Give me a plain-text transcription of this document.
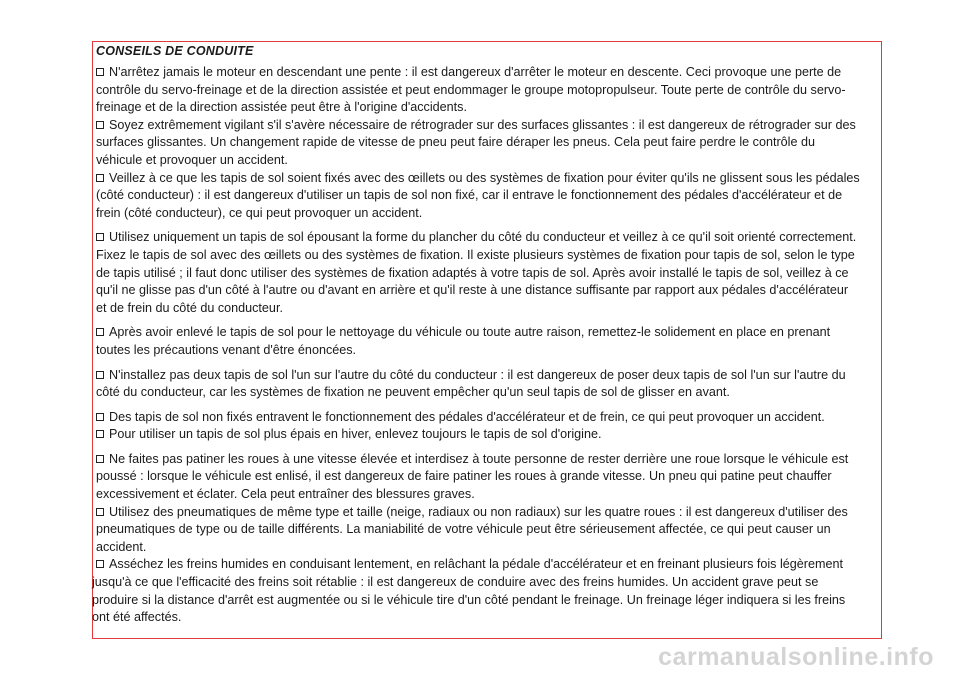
CONSEILS DE CONDUITE

N'arrêtez jamais le moteur en descendant une pente : il est dangereux d'arrêter le moteur en descente. Ceci provoque une perte de contrôle du servo-freinage et de la direction assistée et peut endommager le groupe motopropulseur. Toute perte de contrôle du servo-freinage et de la direction assistée peut être à l'origine d'accidents.

Soyez extrêmement vigilant s'il s'avère nécessaire de rétrograder sur des surfaces glissantes : il est dangereux de rétrograder sur des surfaces glissantes. Un changement rapide de vitesse de pneu peut faire déraper les pneus. Cela peut faire perdre le contrôle du véhicule et provoquer un accident.

Veillez à ce que les tapis de sol soient fixés avec des œillets ou des systèmes de fixation pour éviter qu'ils ne glissent sous les pédales (côté conducteur) : il est dangereux d'utiliser un tapis de sol non fixé, car il entrave le fonctionnement des pédales d'accélérateur et de frein (côté conducteur), ce qui peut provoquer un accident.

Utilisez uniquement un tapis de sol épousant la forme du plancher du côté du conducteur et veillez à ce qu'il soit orienté correctement. Fixez le tapis de sol avec des œillets ou des systèmes de fixation. Il existe plusieurs systèmes de fixation pour tapis de sol, selon le type de tapis utilisé ; il faut donc utiliser des systèmes de fixation adaptés à votre tapis de sol. Après avoir installé le tapis de sol, veillez à ce qu'il ne glisse pas d'un côté à l'autre ou d'avant en arrière et qu'il reste à une distance suffisante par rapport aux pédales d'accélérateur et de frein du côté du conducteur.

Après avoir enlevé le tapis de sol pour le nettoyage du véhicule ou toute autre raison, remettez-le solidement en place en prenant toutes les précautions venant d'être énoncées.

N'installez pas deux tapis de sol l'un sur l'autre du côté du conducteur : il est dangereux de poser deux tapis de sol l'un sur l'autre du côté du conducteur, car les systèmes de fixation ne peuvent empêcher qu'un seul tapis de sol de glisser en avant.

Des tapis de sol non fixés entravent le fonctionnement des pédales d'accélérateur et de frein, ce qui peut provoquer un accident.

Pour utiliser un tapis de sol plus épais en hiver, enlevez toujours le tapis de sol d'origine.

Ne faites pas patiner les roues à une vitesse élevée et interdisez à toute personne de rester derrière une roue lorsque le véhicule est poussé : lorsque le véhicule est enlisé, il est dangereux de faire patiner les roues à grande vitesse. Un pneu qui patine peut chauffer excessivement et éclater. Cela peut entraîner des blessures graves.

Utilisez des pneumatiques de même type et taille (neige, radiaux ou non radiaux) sur les quatre roues : il est dangereux d'utiliser des pneumatiques de type ou de taille différents. La maniabilité de votre véhicule peut être sérieusement affectée, ce qui peut causer un accident.

Asséchez les freins humides en conduisant lentement, en relâchant la pédale d'accélérateur et en freinant plusieurs fois légèrement jusqu'à ce que l'efficacité des freins soit rétablie : il est dangereux de conduire avec des freins humides. Un accident grave peut se produire si la distance d'arrêt est augmentée ou si le véhicule tire d'un côté pendant le freinage. Un freinage léger indiquera si les freins ont été affectés.

carmanualsonline.info
